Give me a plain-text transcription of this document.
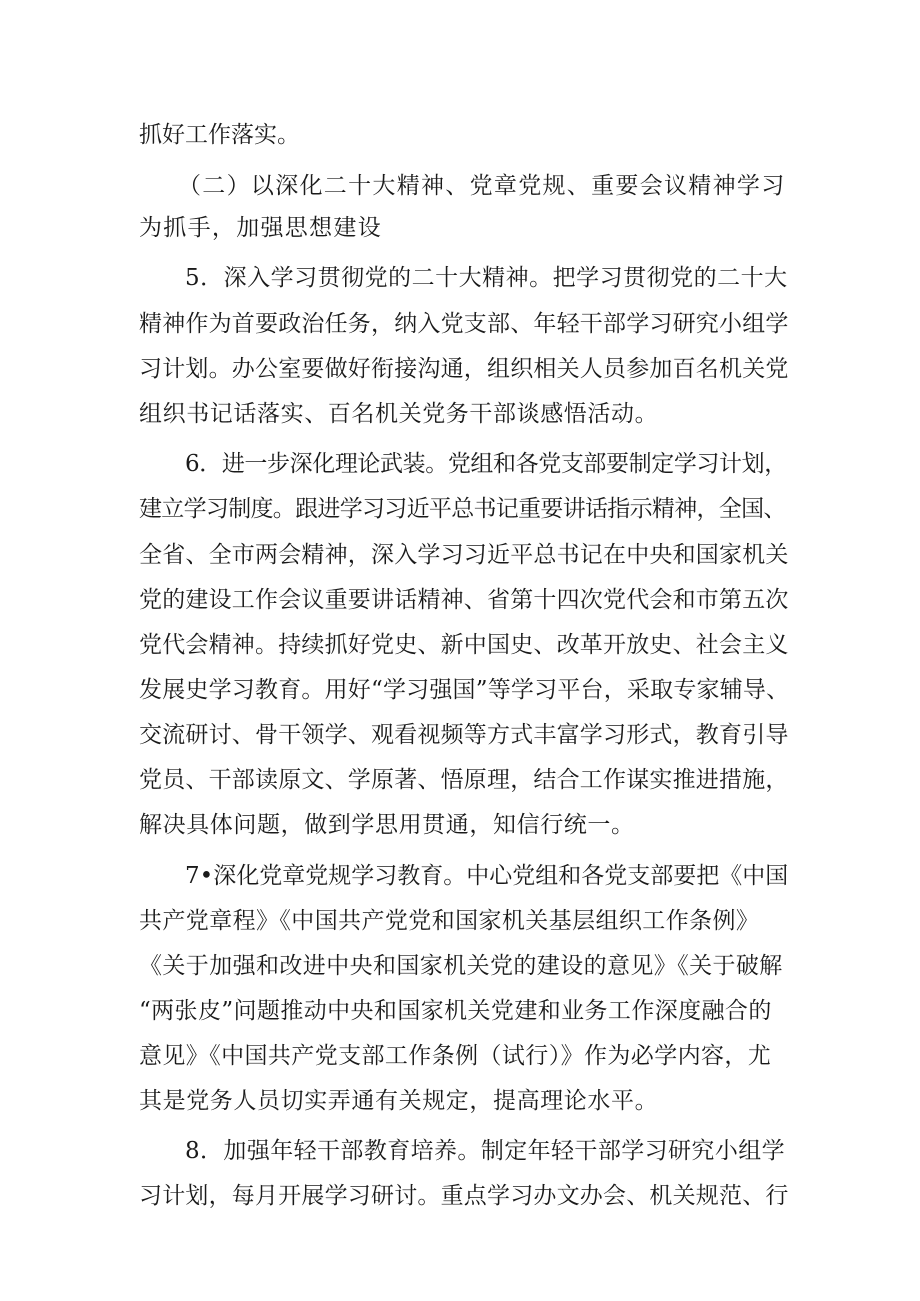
抓好工作落实。
（二）以深化二十大精神、党章党规、重要会议精神学习
为抓手，加强思想建设
5．深入学习贯彻党的二十大精神。把学习贯彻党的二十大
精神作为首要政治任务，纳入党支部、年轻干部学习研究小组学
习计划。办公室要做好衔接沟通，组织相关人员参加百名机关党
组织书记话落实、百名机关党务干部谈感悟活动。
6．进一步深化理论武装。党组和各党支部要制定学习计划，
建立学习制度。跟进学习习近平总书记重要讲话指示精神，全国、
全省、全市两会精神，深入学习习近平总书记在中央和国家机关
党的建设工作会议重要讲话精神、省第十四次党代会和市第五次
党代会精神。持续抓好党史、新中国史、改革开放史、社会主义
发展史学习教育。用好“学习强国”等学习平台，采取专家辅导、
交流研讨、骨干领学、观看视频等方式丰富学习形式，教育引导
党员、干部读原文、学原著、悟原理，结合工作谋实推进措施，
解决具体问题，做到学思用贯通，知信行统一。
7•深化党章党规学习教育。中心党组和各党支部要把《中国
共产党章程》《中国共产党党和国家机关基层组织工作条例》
《关于加强和改进中央和国家机关党的建设的意见》《关于破解
“两张皮”问题推动中央和国家机关党建和业务工作深度融合的
意见》《中国共产党支部工作条例（试行）》作为必学内容，尤
其是党务人员切实弄通有关规定，提高理论水平。
8．加强年轻干部教育培养。制定年轻干部学习研究小组学
习计划，每月开展学习研讨。重点学习办文办会、机关规范、行
